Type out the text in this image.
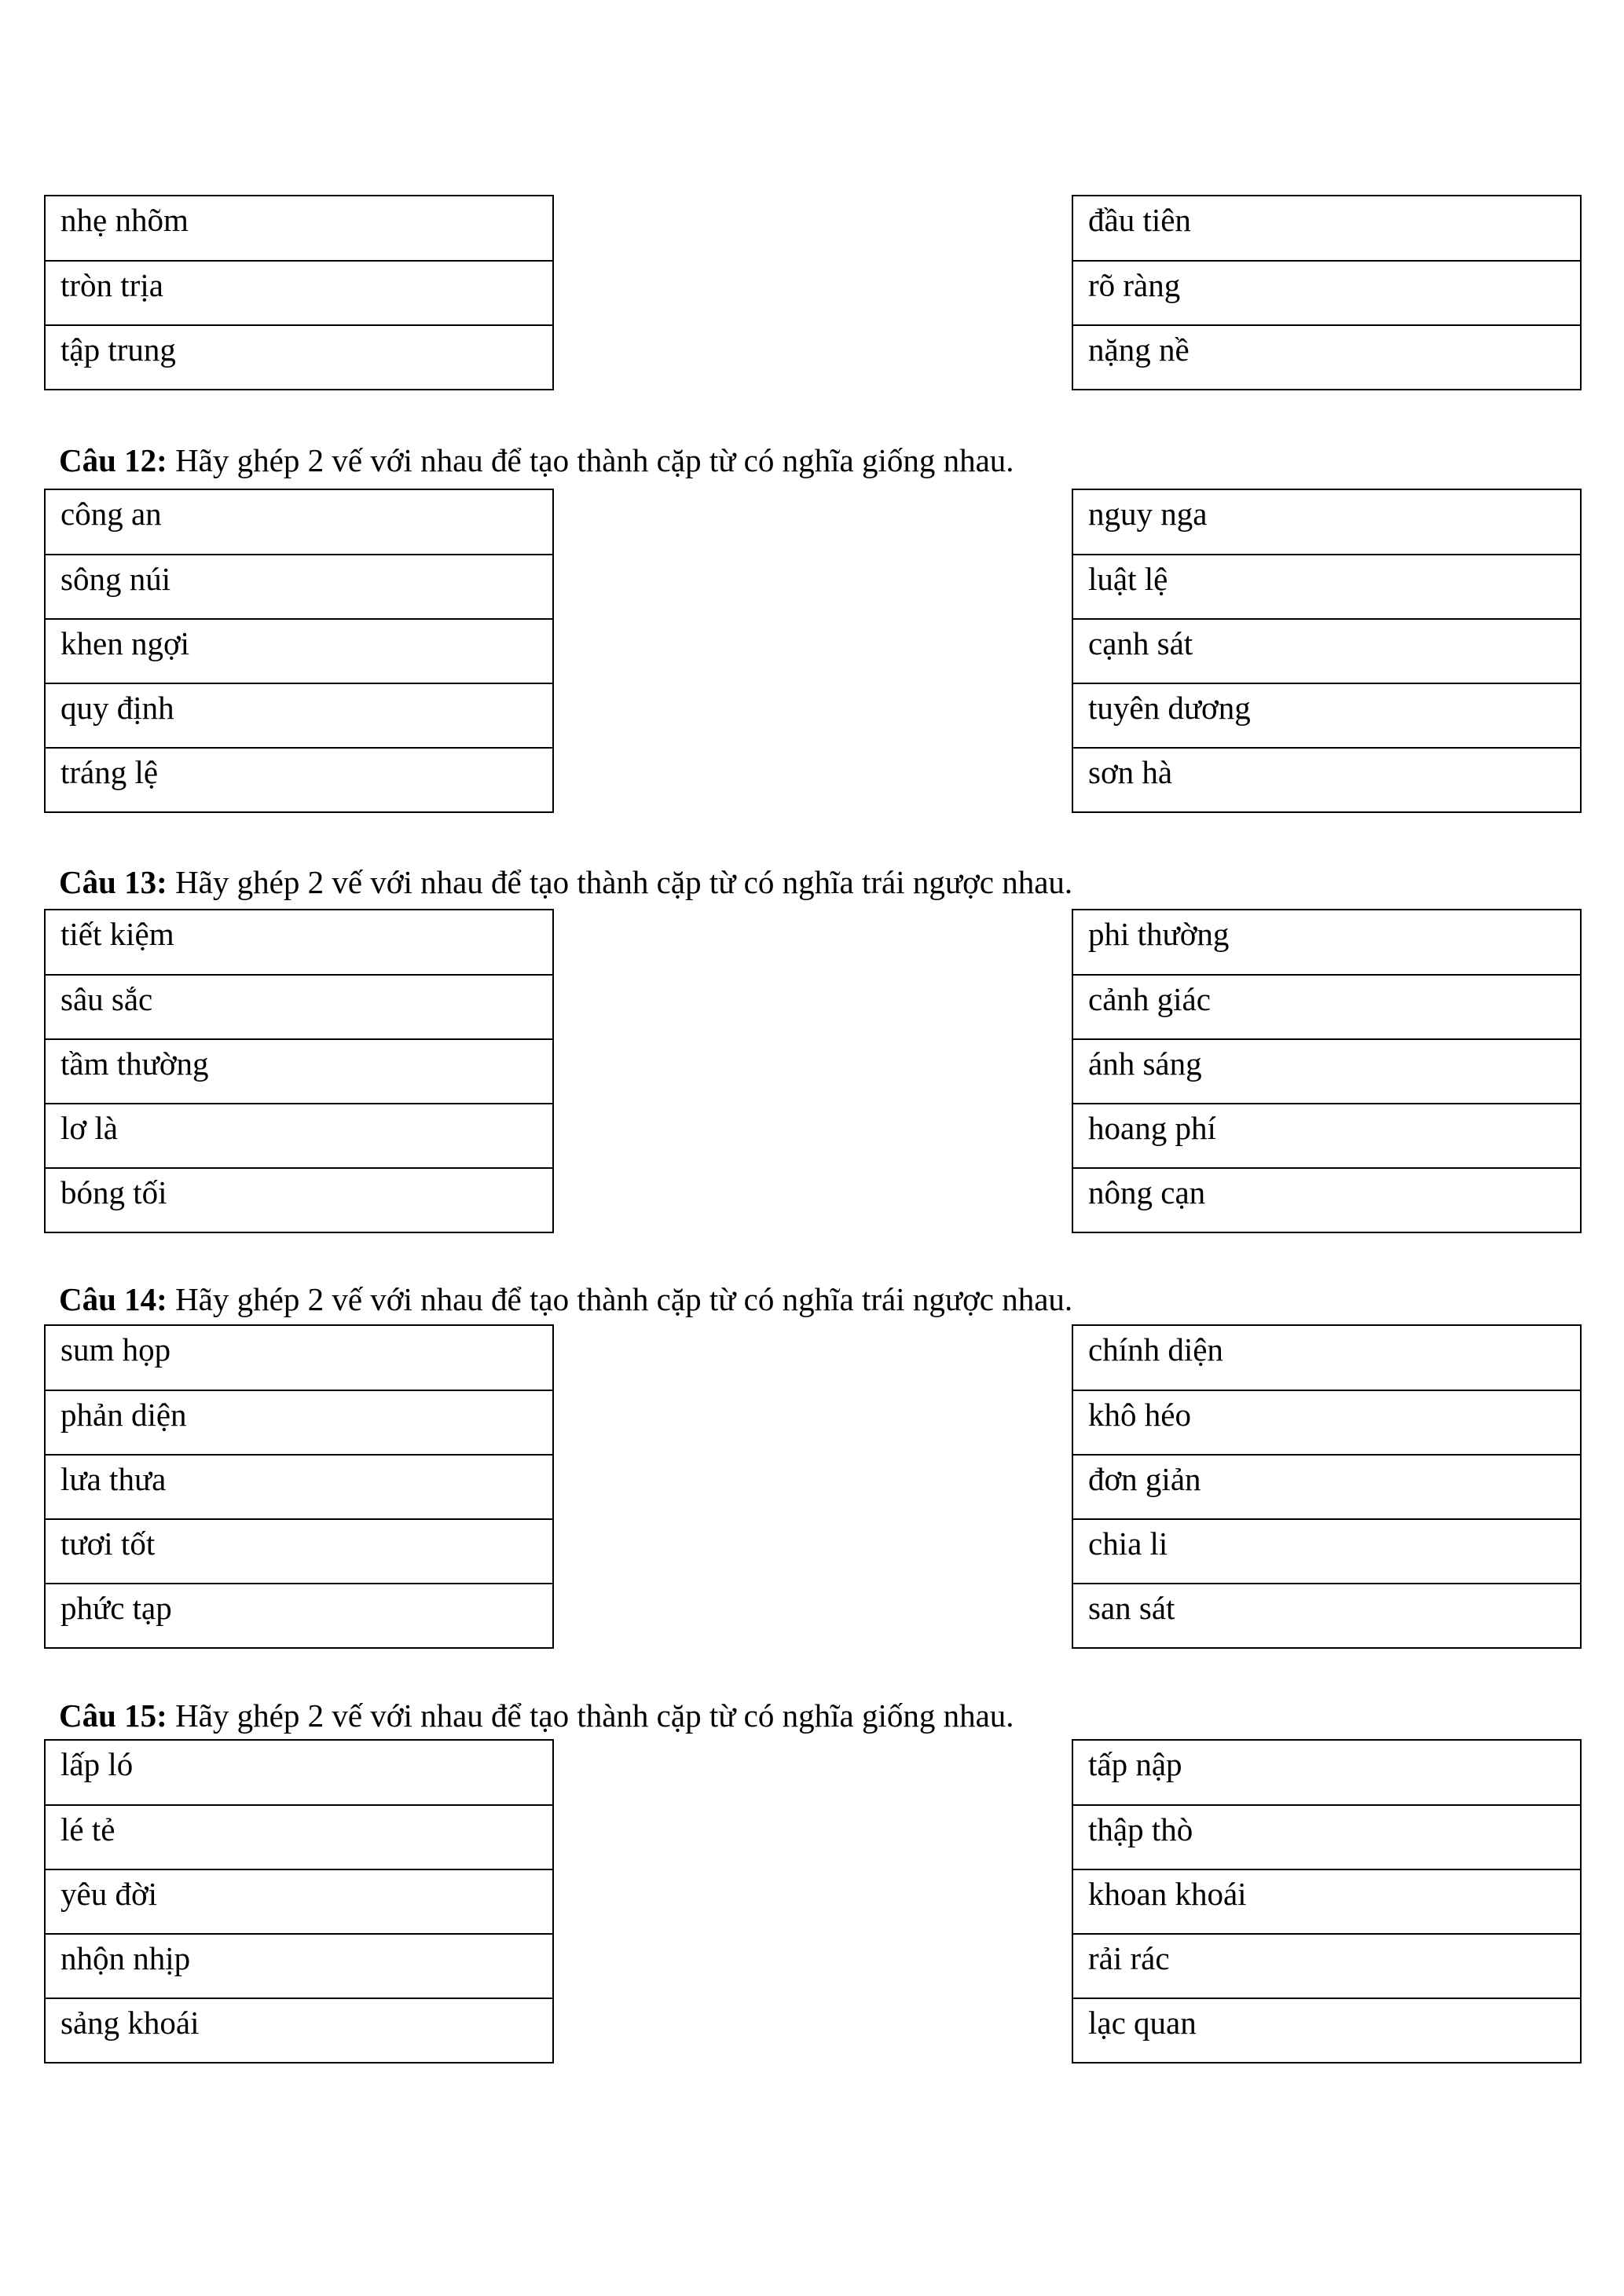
nhẹ nhõm
tròn trịa
tập trung
đầu tiên
rõ ràng
nặng nề
Câu 12: Hãy ghép 2 vế với nhau để tạo thành cặp từ có nghĩa giống nhau.
công an
sông núi
khen ngợi
quy định
tráng lệ
nguy nga
luật lệ
cạnh sát
tuyên dương
sơn hà
Câu 13: Hãy ghép 2 vế với nhau để tạo thành cặp từ có nghĩa trái ngược nhau.
tiết kiệm
sâu sắc
tầm thường
lơ là
bóng tối
phi thường
cảnh giác
ánh sáng
hoang phí
nông cạn
Câu 14: Hãy ghép 2 vế với nhau để tạo thành cặp từ có nghĩa trái ngược nhau.
sum họp
phản diện
lưa thưa
tươi tốt
phức tạp
chính diện
khô héo
đơn giản
chia li
san sát
Câu 15: Hãy ghép 2 vế với nhau để tạo thành cặp từ có nghĩa giống nhau.
lấp ló
lé tẻ
yêu đời
nhộn nhịp
sảng khoái
tấp nập
thập thò
khoan khoái
rải rác
lạc quan
